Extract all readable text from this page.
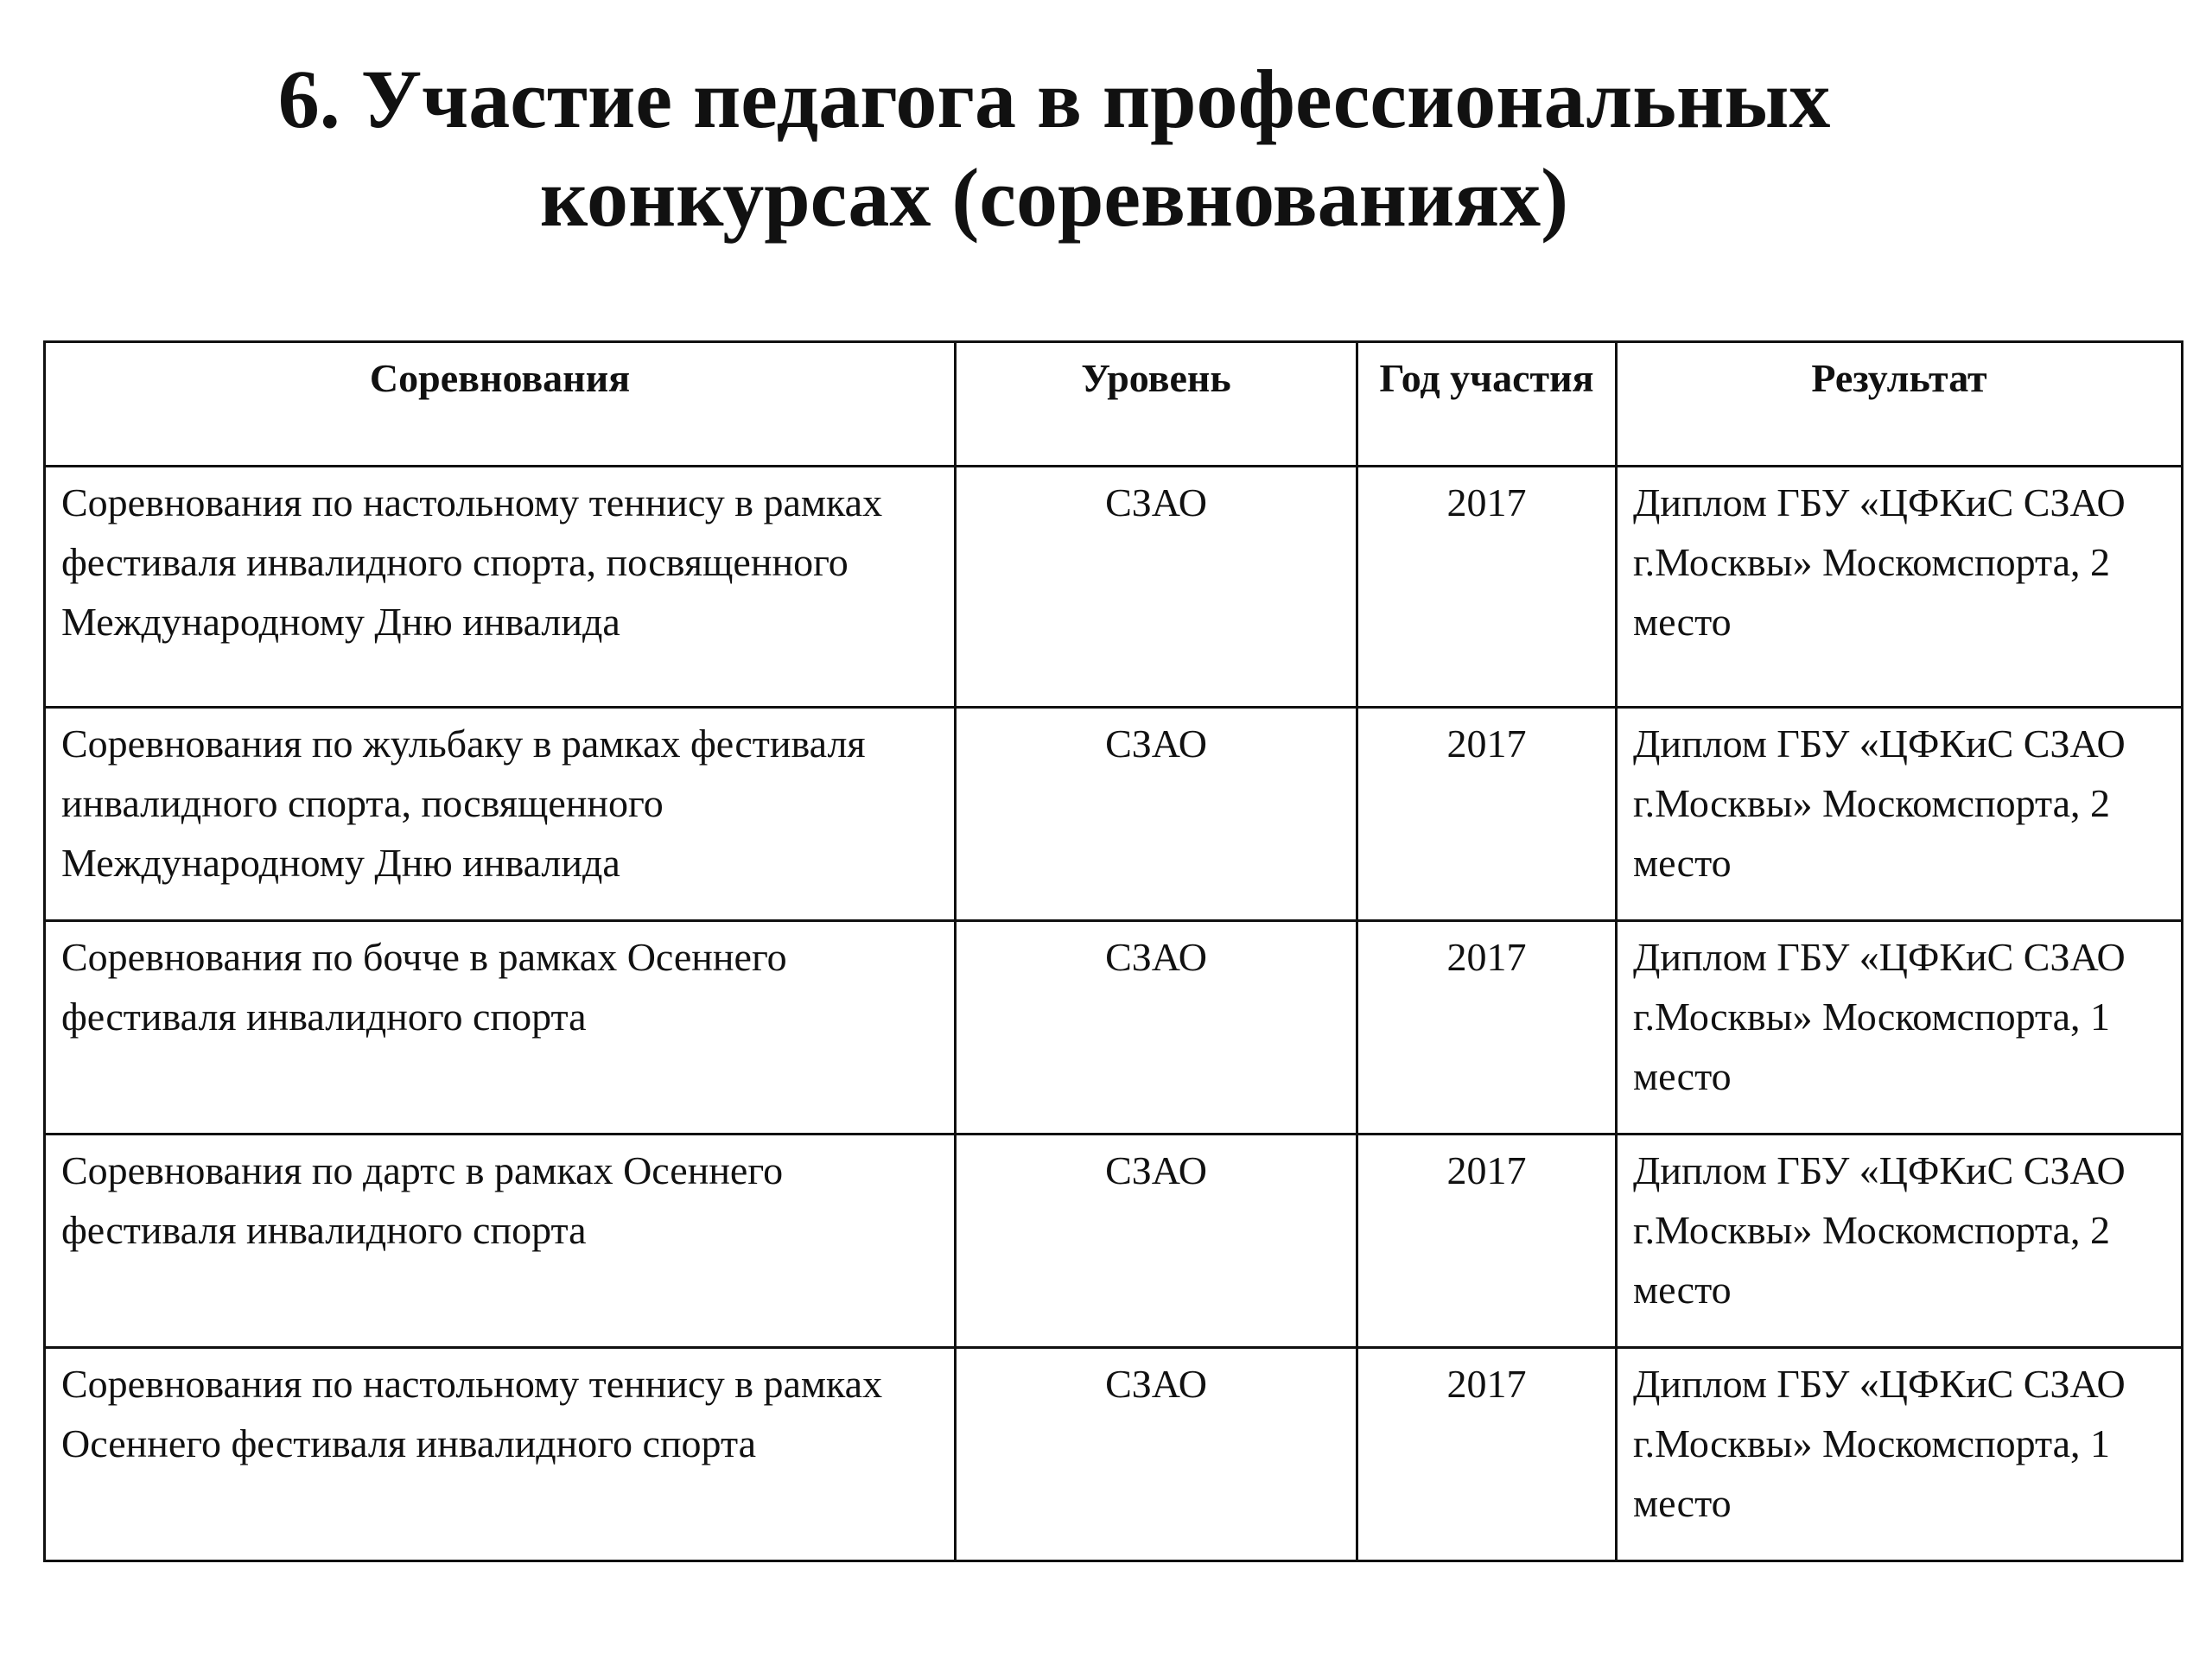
6. Участие педагога в профессиональных
конкурсах (соревнованиях)
Соревнования	Уровень	Год участия	Результат
Соревнования по настольному теннису в рамках фестиваля инвалидного спорта, посвященного Международному Дню инвалида	СЗАО	2017	Диплом ГБУ «ЦФКиС СЗАО г.Москвы» Москомспорта, 2 место
Соревнования по жульбаку в рамках фестиваля инвалидного спорта, посвященного Международному Дню инвалида	СЗАО	2017	Диплом ГБУ «ЦФКиС СЗАО г.Москвы» Москомспорта, 2 место
Соревнования по бочче в рамках Осеннего фестиваля инвалидного спорта	СЗАО	2017	Диплом ГБУ «ЦФКиС СЗАО г.Москвы» Москомспорта, 1 место
Соревнования по дартс в рамках Осеннего фестиваля инвалидного спорта	СЗАО	2017	Диплом ГБУ «ЦФКиС СЗАО г.Москвы» Москомспорта, 2 место
Соревнования по настольному теннису в рамках Осеннего фестиваля инвалидного спорта	СЗАО	2017	Диплом ГБУ «ЦФКиС СЗАО г.Москвы» Москомспорта, 1 место
